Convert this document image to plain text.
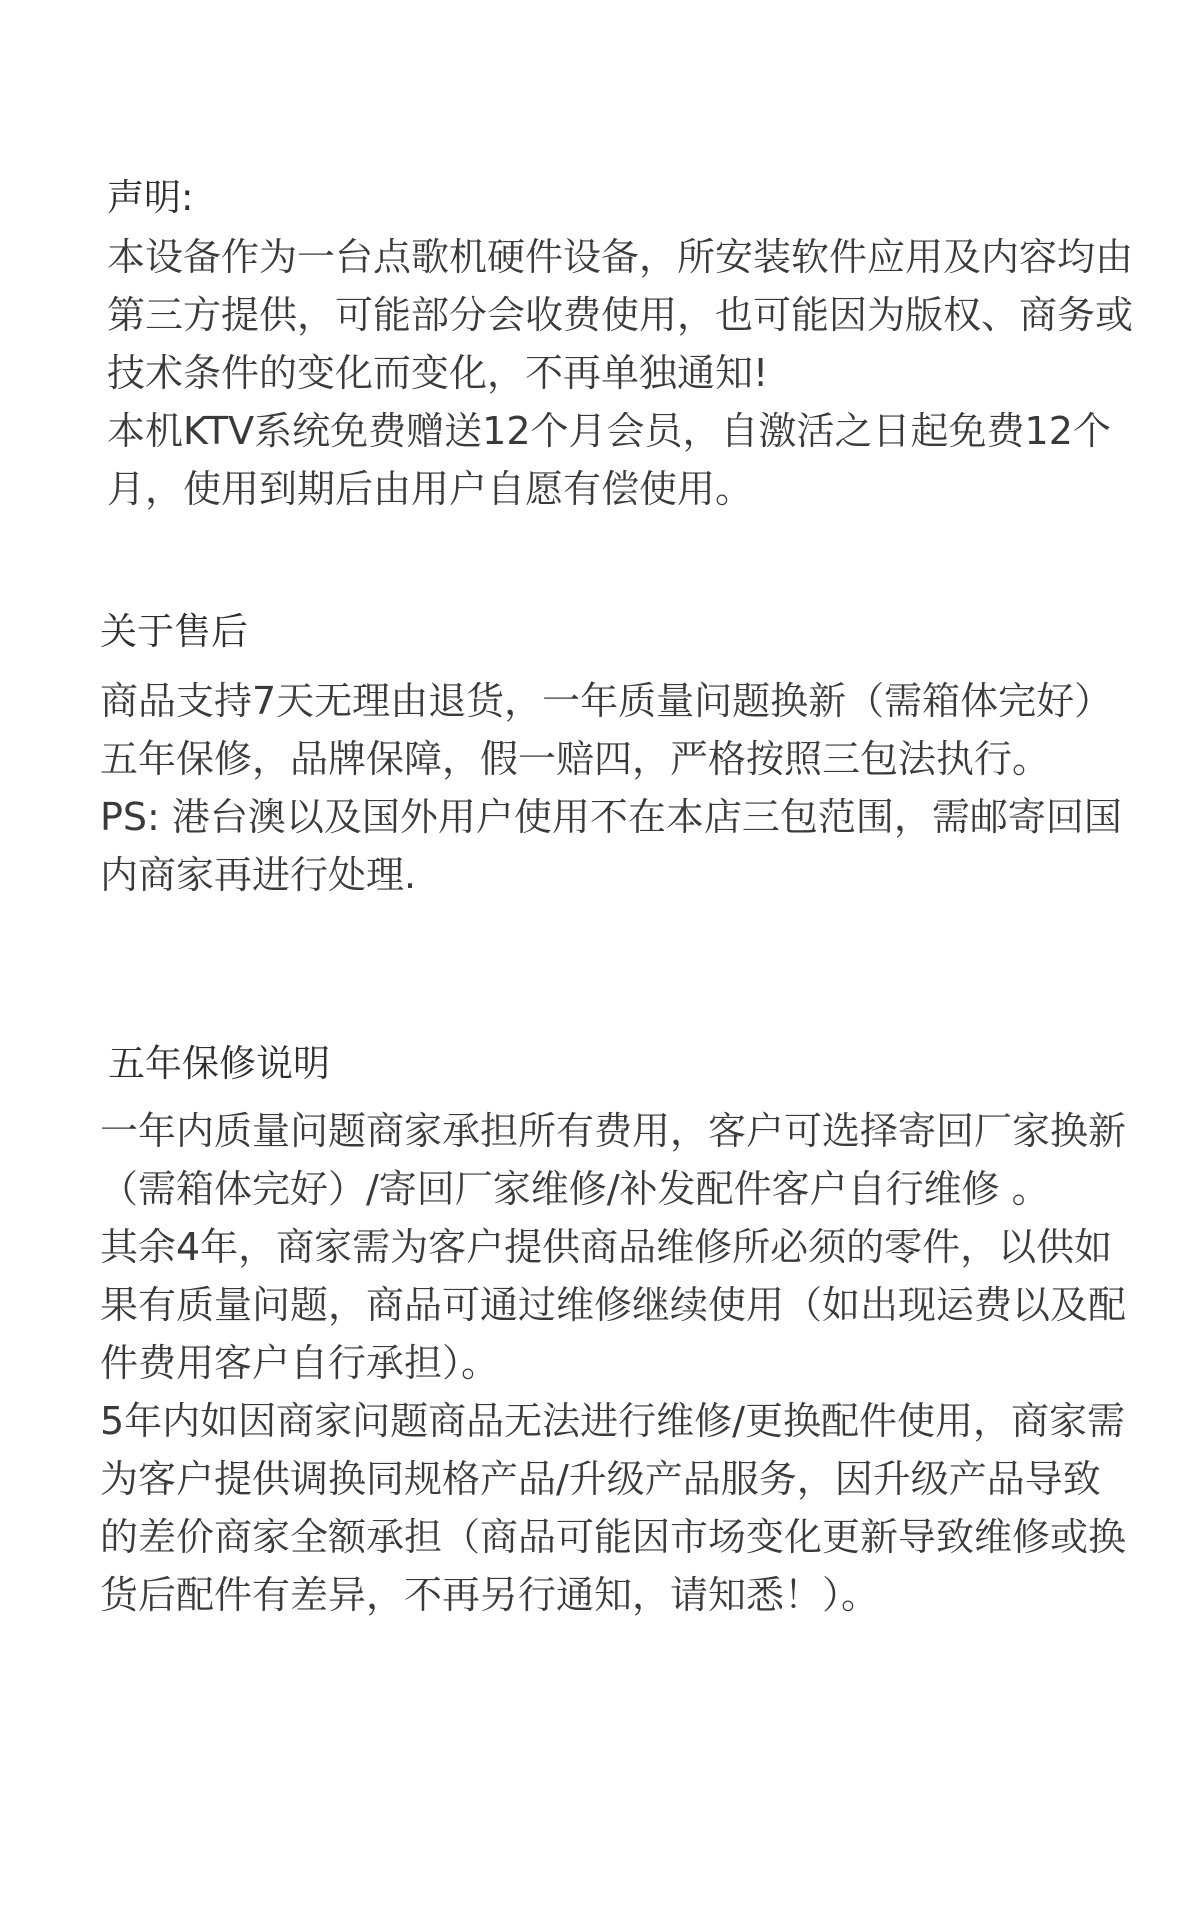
声明:
本设备作为一台点歌机硬件设备，所安装软件应用及内容均由
第三方提供，可能部分会收费使用，也可能因为版权、商务或
技术条件的变化而变化，不再单独通知!
本机KTV系统免费赠送12个月会员，自激活之日起免费12个
月，使用到期后由用户自愿有偿使用。
关于售后
商品支持7天无理由退货，一年质量问题换新（需箱体完好）
五年保修，品牌保障，假一赔四，严格按照三包法执行。
PS: 港台澳以及国外用户使用不在本店三包范围，需邮寄回国
内商家再进行处理.
五年保修说明
一年内质量问题商家承担所有费用，客户可选择寄回厂家换新
（需箱体完好）/寄回厂家维修/补发配件客户自行维修 。
其余4年，商家需为客户提供商品维修所必须的零件，以供如
果有质量问题，商品可通过维修继续使用（如出现运费以及配
件费用客户自行承担）。
5年内如因商家问题商品无法进行维修/更换配件使用，商家需
为客户提供调换同规格产品/升级产品服务，因升级产品导致
的差价商家全额承担（商品可能因市场变化更新导致维修或换
货后配件有差异，不再另行通知，请知悉！）。
